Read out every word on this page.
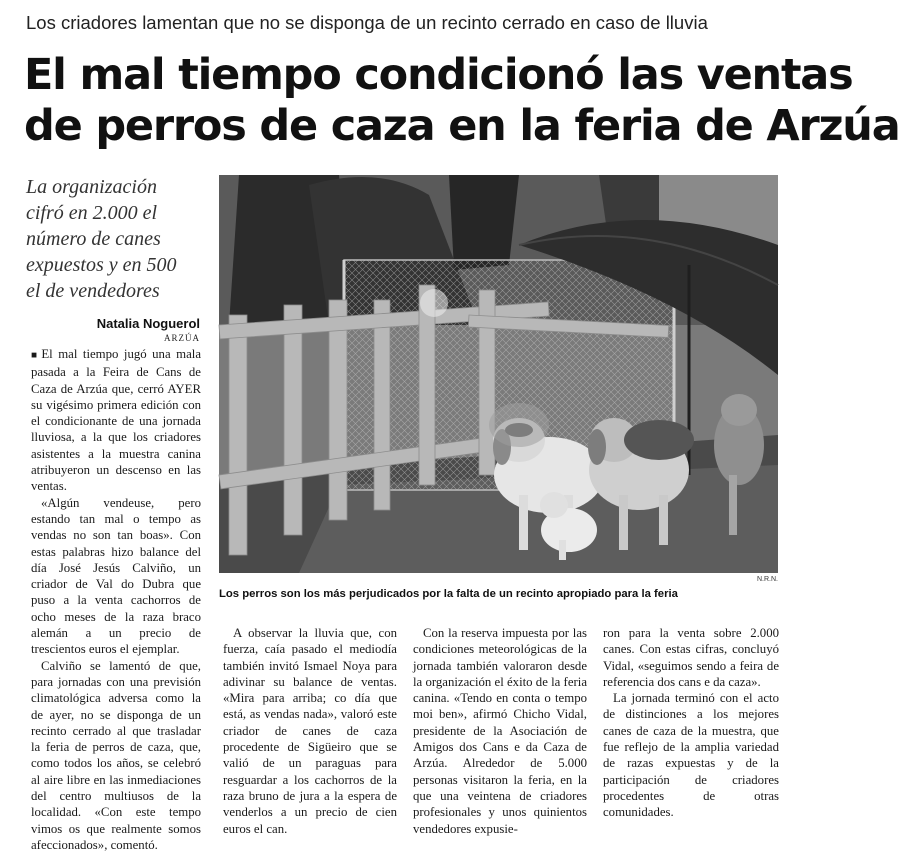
Los criadores lamentan que no se disponga de un recinto cerrado en caso de lluvia
El mal tiempo condicionó las ventas
de perros de caza en la feria de Arzúa
La organización
cifró en 2.000 el
número de canes
expuestos y en 500
el de vendedores
Natalia Noguerol
ARZÚA
N.R.N.
Los perros son los más perjudicados por la falta de un recinto apropiado para la feria

■ El mal tiempo jugó una mala pasada a la Feira de Cans de Caza de Arzúa que, cerró AYER su vigésimo primera edición con el condicionante de una jornada lluviosa, a la que los criadores asistentes a la muestra canina atribuyeron un descenso en las ventas.

«Algún vendeuse, pero estando tan mal o tempo as vendas no son tan boas». Con estas palabras hizo balance del día José Jesús Calviño, un criador de Val do Dubra que puso a la venta cachorros de ocho meses de la raza braco alemán a un precio de trescientos euros el ejemplar.

Calviño se lamentó de que, para jornadas con una previsión climatológica adversa como la de ayer, no se disponga de un recinto cerrado al que trasladar la feria de perros de caza, que, como todos los años, se celebró al aire libre en las inmediaciones del centro multiusos de la localidad. «Con este tempo vimos os que realmente somos afeccionados», comentó.

A observar la lluvia que, con fuerza, caía pasado el mediodía también invitó Ismael Noya para adivinar su balance de ventas. «Mira para arriba; co día que está, as vendas nada», valoró este criador de canes de caza procedente de Sigüeiro que se valió de un paraguas para resguardar a los cachorros de la raza bruno de jura a la espera de venderlos a un precio de cien euros el can.

Con la reserva impuesta por las condiciones meteorológicas de la jornada también valoraron desde la organización el éxito de la feria canina. «Tendo en conta o tempo moi ben», afirmó Chicho Vidal, presidente de la Asociación de Amigos dos Cans e da Caza de Arzúa. Alrededor de 5.000 personas visitaron la feria, en la que una veintena de criadores profesionales y unos quinientos vendedores expusie-

ron para la venta sobre 2.000 canes. Con estas cifras, concluyó Vidal, «seguimos sendo a feira de referencia dos cans e da caza».

La jornada terminó con el acto de distinciones a los mejores canes de caza de la muestra, que fue reflejo de la amplia variedad de razas expuestas y de la participación de criadores procedentes de otras comunidades.
